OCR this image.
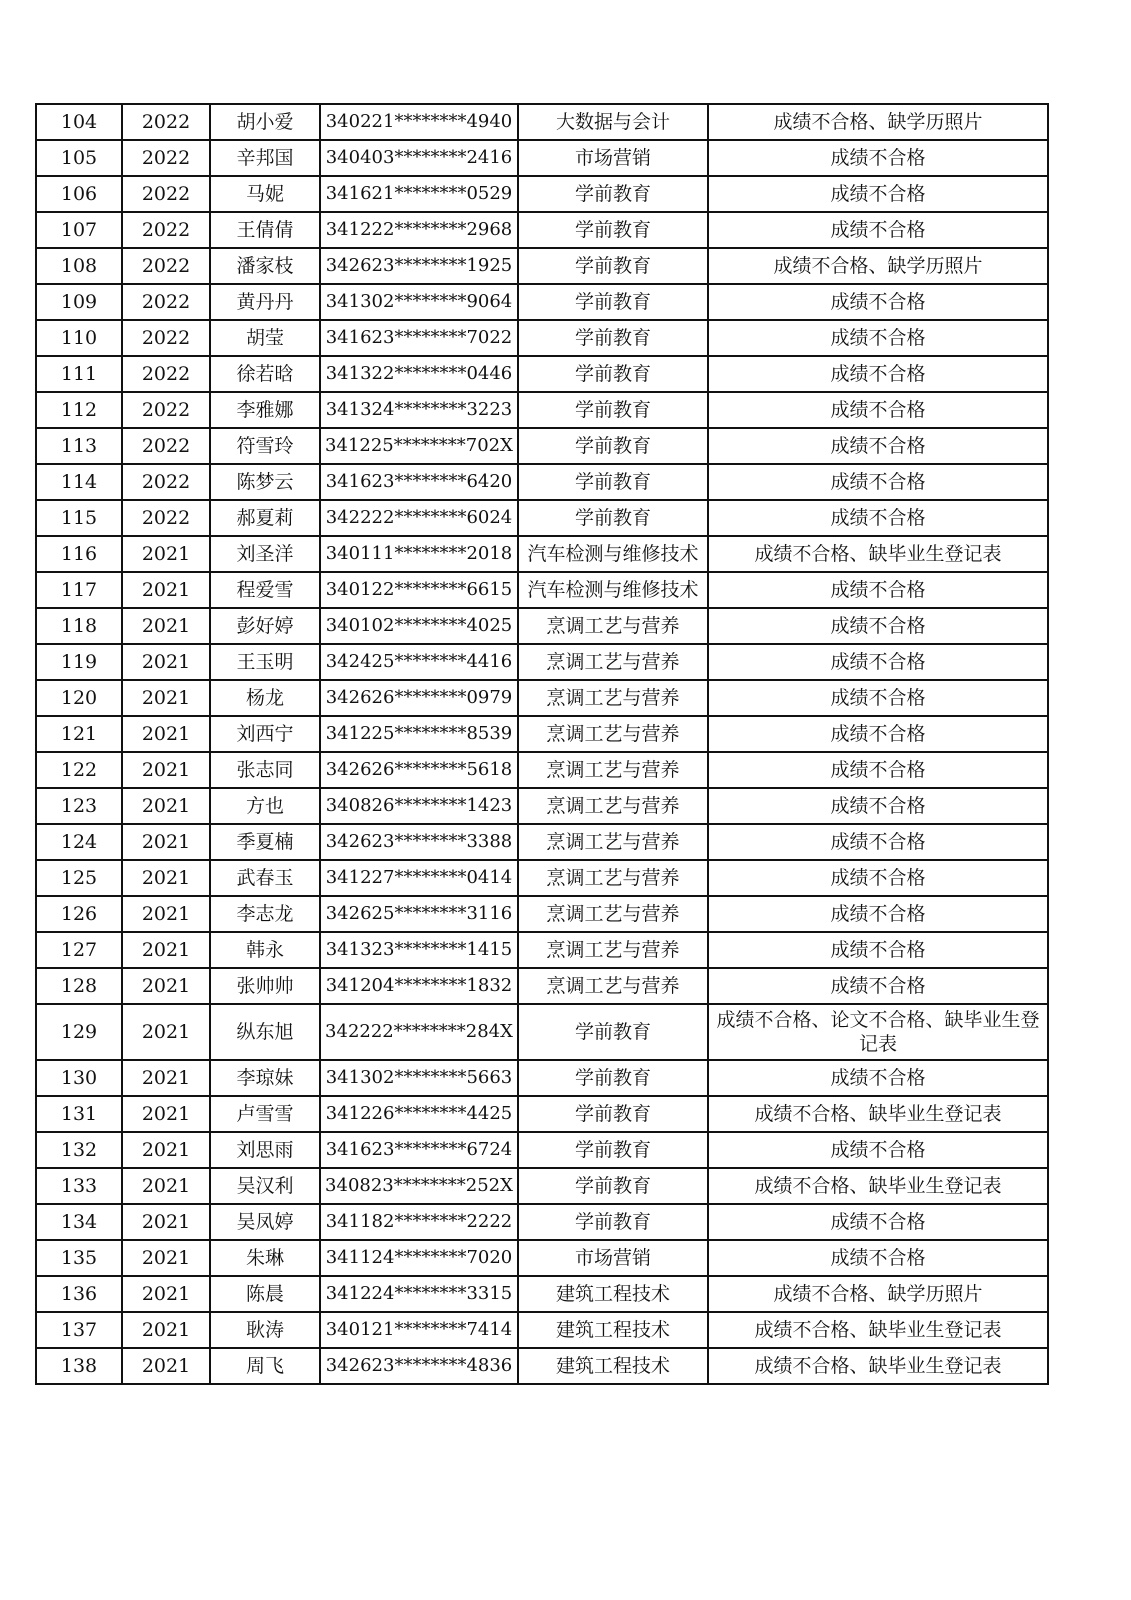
104	2022	胡小爱	340221********4940	大数据与会计	成绩不合格、缺学历照片
105	2022	辛邦国	340403********2416	市场营销	成绩不合格
106	2022	马妮	341621********0529	学前教育	成绩不合格
107	2022	王倩倩	341222********2968	学前教育	成绩不合格
108	2022	潘家枝	342623********1925	学前教育	成绩不合格、缺学历照片
109	2022	黄丹丹	341302********9064	学前教育	成绩不合格
110	2022	胡莹	341623********7022	学前教育	成绩不合格
111	2022	徐若晗	341322********0446	学前教育	成绩不合格
112	2022	李雅娜	341324********3223	学前教育	成绩不合格
113	2022	符雪玲	341225********702X	学前教育	成绩不合格
114	2022	陈梦云	341623********6420	学前教育	成绩不合格
115	2022	郝夏莉	342222********6024	学前教育	成绩不合格
116	2021	刘圣洋	340111********2018	汽车检测与维修技术	成绩不合格、缺毕业生登记表
117	2021	程爱雪	340122********6615	汽车检测与维修技术	成绩不合格
118	2021	彭好婷	340102********4025	烹调工艺与营养	成绩不合格
119	2021	王玉明	342425********4416	烹调工艺与营养	成绩不合格
120	2021	杨龙	342626********0979	烹调工艺与营养	成绩不合格
121	2021	刘西宁	341225********8539	烹调工艺与营养	成绩不合格
122	2021	张志同	342626********5618	烹调工艺与营养	成绩不合格
123	2021	方也	340826********1423	烹调工艺与营养	成绩不合格
124	2021	季夏楠	342623********3388	烹调工艺与营养	成绩不合格
125	2021	武春玉	341227********0414	烹调工艺与营养	成绩不合格
126	2021	李志龙	342625********3116	烹调工艺与营养	成绩不合格
127	2021	韩永	341323********1415	烹调工艺与营养	成绩不合格
128	2021	张帅帅	341204********1832	烹调工艺与营养	成绩不合格
129	2021	纵东旭	342222********284X	学前教育	成绩不合格、论文不合格、缺毕业生登记表
130	2021	李琼妹	341302********5663	学前教育	成绩不合格
131	2021	卢雪雪	341226********4425	学前教育	成绩不合格、缺毕业生登记表
132	2021	刘思雨	341623********6724	学前教育	成绩不合格
133	2021	吴汉利	340823********252X	学前教育	成绩不合格、缺毕业生登记表
134	2021	吴凤婷	341182********2222	学前教育	成绩不合格
135	2021	朱琳	341124********7020	市场营销	成绩不合格
136	2021	陈晨	341224********3315	建筑工程技术	成绩不合格、缺学历照片
137	2021	耿涛	340121********7414	建筑工程技术	成绩不合格、缺毕业生登记表
138	2021	周飞	342623********4836	建筑工程技术	成绩不合格、缺毕业生登记表
